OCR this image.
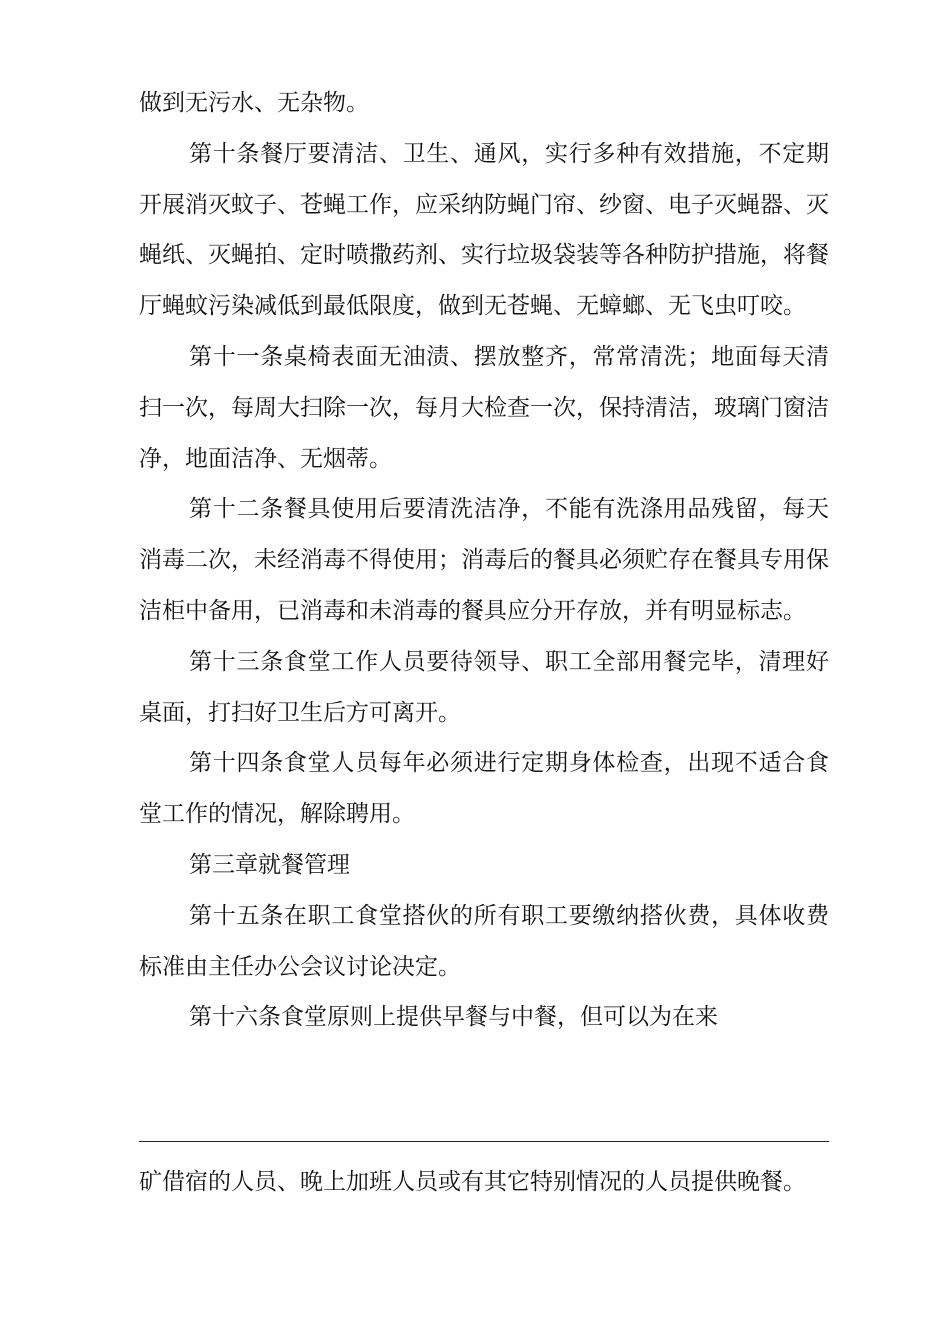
做到无污水、无杂物。

第十条餐厅要清洁、卫生、通风，实行多种有效措施，不定期开展消灭蚊子、苍蝇工作，应采纳防蝇门帘、纱窗、电子灭蝇器、灭蝇纸、灭蝇拍、定时喷撒药剂、实行垃圾袋装等各种防护措施，将餐厅蝇蚊污染减低到最低限度，做到无苍蝇、无蟑螂、无飞虫叮咬。

第十一条桌椅表面无油渍、摆放整齐，常常清洗；地面每天清扫一次，每周大扫除一次，每月大检查一次，保持清洁，玻璃门窗洁净，地面洁净、无烟蒂。

第十二条餐具使用后要清洗洁净，不能有洗涤用品残留，每天消毒二次，未经消毒不得使用；消毒后的餐具必须贮存在餐具专用保洁柜中备用，已消毒和未消毒的餐具应分开存放，并有明显标志。

第十三条食堂工作人员要待领导、职工全部用餐完毕，清理好桌面，打扫好卫生后方可离开。

第十四条食堂人员每年必须进行定期身体检查，出现不适合食堂工作的情况，解除聘用。

第三章就餐管理

第十五条在职工食堂搭伙的所有职工要缴纳搭伙费，具体收费标准由主任办公会议讨论决定。

第十六条食堂原则上提供早餐与中餐，但可以为在来

矿借宿的人员、晚上加班人员或有其它特别情况的人员提供晚餐。
